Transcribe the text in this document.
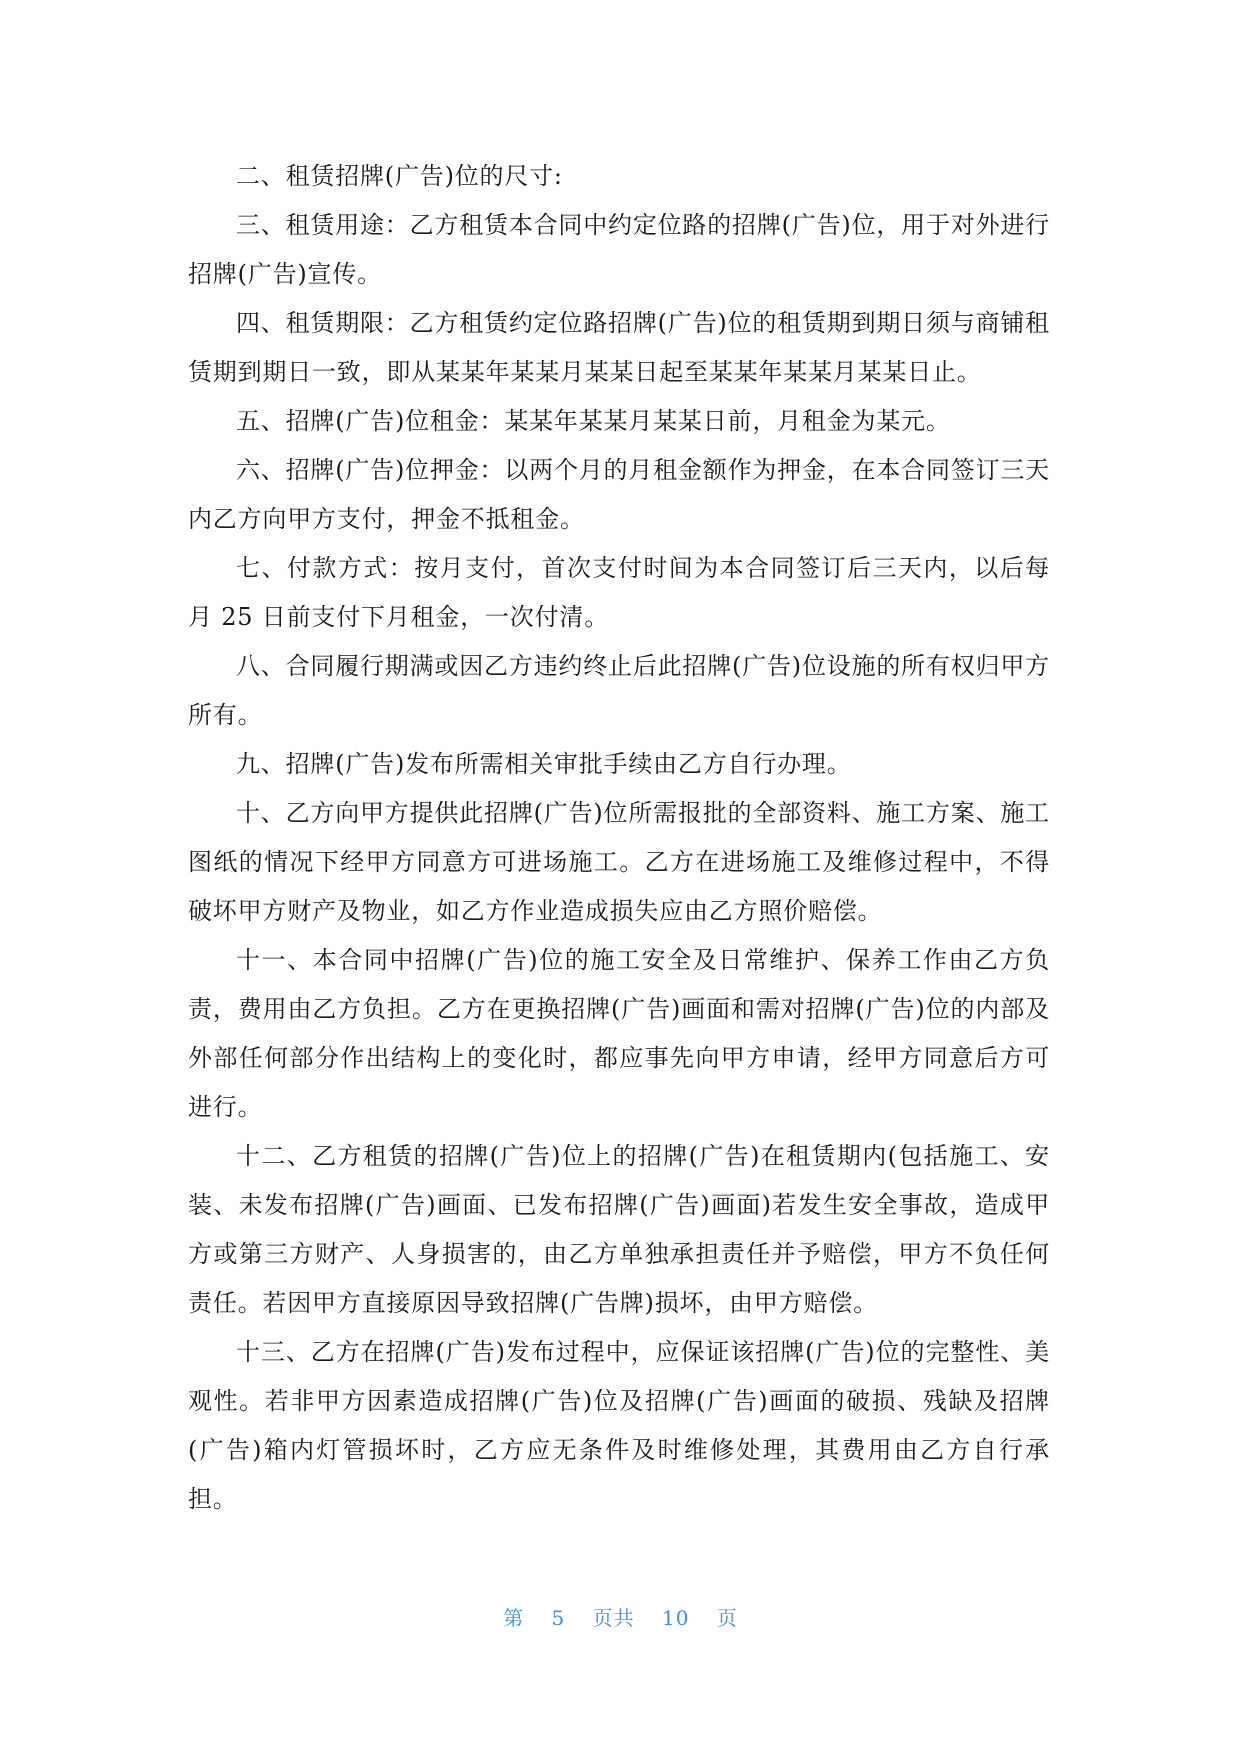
二、租赁招牌(广告)位的尺寸:

三、租赁用途：乙方租赁本合同中约定位路的招牌(广告)位，用于对外进行招牌(广告)宣传。

四、租赁期限：乙方租赁约定位路招牌(广告)位的租赁期到期日须与商铺租赁期到期日一致，即从某某年某某月某某日起至某某年某某月某某日止。

五、招牌(广告)位租金：某某年某某月某某日前，月租金为某元。

六、招牌(广告)位押金：以两个月的月租金额作为押金，在本合同签订三天内乙方向甲方支付，押金不抵租金。

七、付款方式：按月支付，首次支付时间为本合同签订后三天内，以后每月 25 日前支付下月租金，一次付清。

八、合同履行期满或因乙方违约终止后此招牌(广告)位设施的所有权归甲方所有。

九、招牌(广告)发布所需相关审批手续由乙方自行办理。

十、乙方向甲方提供此招牌(广告)位所需报批的全部资料、施工方案、施工图纸的情况下经甲方同意方可进场施工。乙方在进场施工及维修过程中，不得破坏甲方财产及物业，如乙方作业造成损失应由乙方照价赔偿。

十一、本合同中招牌(广告)位的施工安全及日常维护、保养工作由乙方负责，费用由乙方负担。乙方在更换招牌(广告)画面和需对招牌(广告)位的内部及外部任何部分作出结构上的变化时，都应事先向甲方申请，经甲方同意后方可进行。

十二、乙方租赁的招牌(广告)位上的招牌(广告)在租赁期内(包括施工、安装、未发布招牌(广告)画面、已发布招牌(广告)画面)若发生安全事故，造成甲方或第三方财产、人身损害的，由乙方单独承担责任并予赔偿，甲方不负任何责任。若因甲方直接原因导致招牌(广告牌)损坏，由甲方赔偿。

十三、乙方在招牌(广告)发布过程中，应保证该招牌(广告)位的完整性、美观性。若非甲方因素造成招牌(广告)位及招牌(广告)画面的破损、残缺及招牌(广告)箱内灯管损坏时，乙方应无条件及时维修处理，其费用由乙方自行承担。

第 5 页共 10 页
